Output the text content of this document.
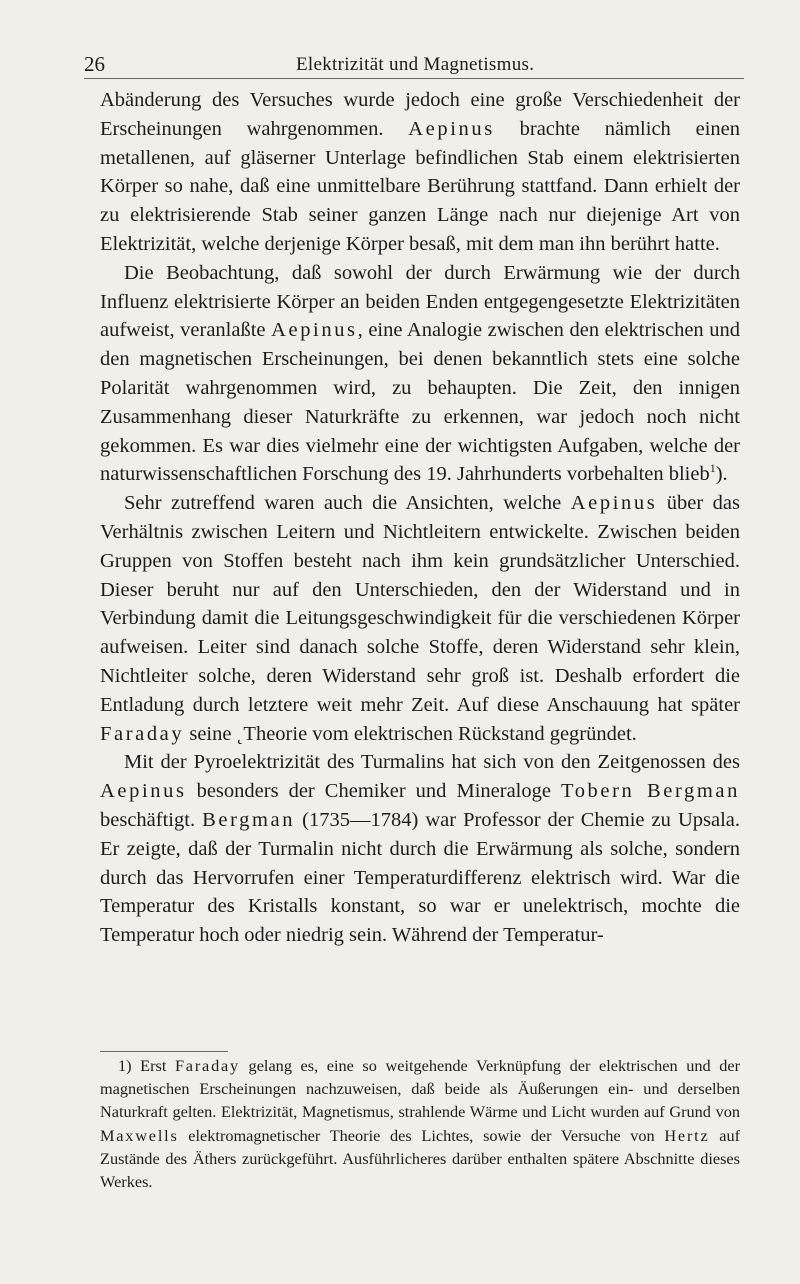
26	Elektrizität und Magnetismus.

Abänderung des Versuches wurde jedoch eine große Verschiedenheit der Erscheinungen wahrgenommen. Aepinus brachte nämlich einen metallenen, auf gläserner Unterlage befindlichen Stab einem elektrisierten Körper so nahe, daß eine unmittelbare Berührung stattfand. Dann erhielt der zu elektrisierende Stab seiner ganzen Länge nach nur diejenige Art von Elektrizität, welche derjenige Körper besaß, mit dem man ihn berührt hatte.

Die Beobachtung, daß sowohl der durch Erwärmung wie der durch Influenz elektrisierte Körper an beiden Enden entgegengesetzte Elektrizitäten aufweist, veranlaßte Aepinus, eine Analogie zwischen den elektrischen und den magnetischen Erscheinungen, bei denen bekanntlich stets eine solche Polarität wahrgenommen wird, zu behaupten. Die Zeit, den innigen Zusammenhang dieser Naturkräfte zu erkennen, war jedoch noch nicht gekommen. Es war dies vielmehr eine der wichtigsten Aufgaben, welche der naturwissenschaftlichen Forschung des 19. Jahrhunderts vorbehalten blieb$^1$).

Sehr zutreffend waren auch die Ansichten, welche Aepinus über das Verhältnis zwischen Leitern und Nichtleitern entwickelte. Zwischen beiden Gruppen von Stoffen besteht nach ihm kein grundsätzlicher Unterschied. Dieser beruht nur auf den Unterschieden, den der Widerstand und in Verbindung damit die Leitungsgeschwindigkeit für die verschiedenen Körper aufweisen. Leiter sind danach solche Stoffe, deren Widerstand sehr klein, Nichtleiter solche, deren Widerstand sehr groß ist. Deshalb erfordert die Entladung durch letztere weit mehr Zeit. Auf diese Anschauung hat später Faraday seine ˛Theorie vom elektrischen Rückstand gegründet.

Mit der Pyroelektrizität des Turmalins hat sich von den Zeitgenossen des Aepinus besonders der Chemiker und Mineraloge Tobern Bergman beschäftigt. Bergman (1735—1784) war Professor der Chemie zu Upsala. Er zeigte, daß der Turmalin nicht durch die Erwärmung als solche, sondern durch das Hervorrufen einer Temperaturdifferenz elektrisch wird. War die Temperatur des Kristalls konstant, so war er unelektrisch, mochte die Temperatur hoch oder niedrig sein. Während der Temperatur-

1) Erst Faraday gelang es, eine so weitgehende Verknüpfung der elektrischen und der magnetischen Erscheinungen nachzuweisen, daß beide als Äußerungen ein- und derselben Naturkraft gelten. Elektrizität, Magnetismus, strahlende Wärme und Licht wurden auf Grund von Maxwells elektromagnetischer Theorie des Lichtes, sowie der Versuche von Hertz auf Zustände des Äthers zurückgeführt. Ausführlicheres darüber enthalten spätere Abschnitte dieses Werkes.
